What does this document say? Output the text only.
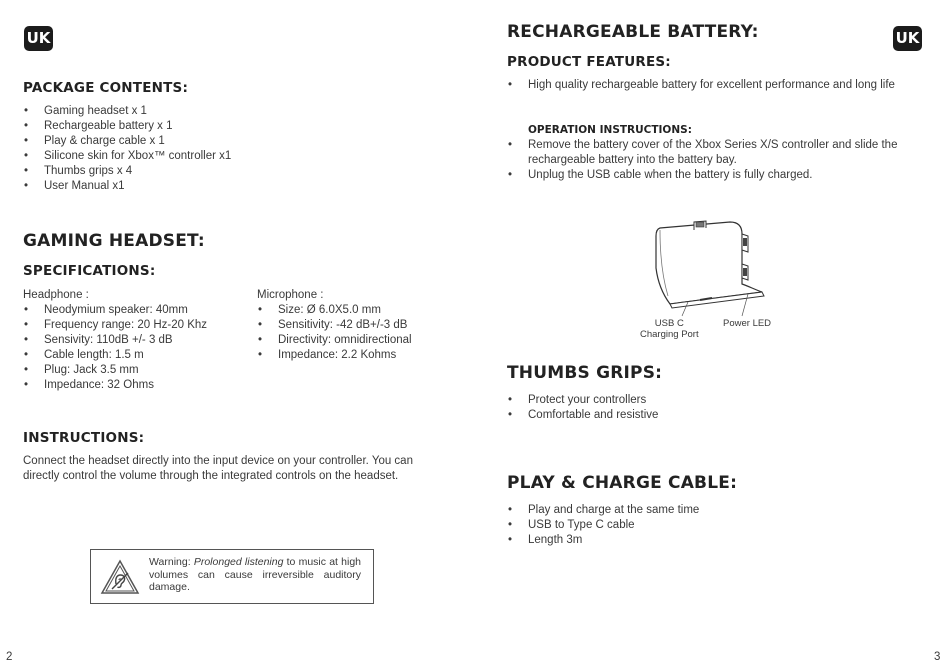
UK
PACKAGE CONTENTS:
• Gaming headset x 1
• Rechargeable battery x 1
• Play & charge cable x 1
• Silicone skin for Xbox™ controller x1
• Thumbs grips x 4
• User Manual x1
GAMING HEADSET:
SPECIFICATIONS:
Headphone :
• Neodymium speaker: 40mm
• Frequency range: 20 Hz-20 Khz
• Sensivity: 110dB +/- 3 dB
• Cable length: 1.5 m
• Plug: Jack 3.5 mm
• Impedance: 32 Ohms
Microphone :
• Size: Ø 6.0X5.0 mm
• Sensitivity: -42 dB+/-3 dB
• Directivity: omnidirectional
• Impedance: 2.2 Kohms
INSTRUCTIONS:
Connect the headset directly into the input device on your controller. You can directly control the volume through the integrated controls on the headset.
Warning: Prolonged listening to music at high volumes can cause irreversible auditory damage.
2
RECHARGEABLE BATTERY:	UK
PRODUCT FEATURES:
• High quality rechargeable battery for excellent performance and long life
OPERATION INSTRUCTIONS:
• Remove the battery cover of the Xbox Series X/S controller and slide the rechargeable battery into the battery bay.
• Unplug the USB cable when the battery is fully charged.
USB C
Charging Port
Power LED
THUMBS GRIPS:
• Protect your controllers
• Comfortable and resistive
PLAY & CHARGE CABLE:
• Play and charge at the same time
• USB to Type C cable
• Length 3m
3
